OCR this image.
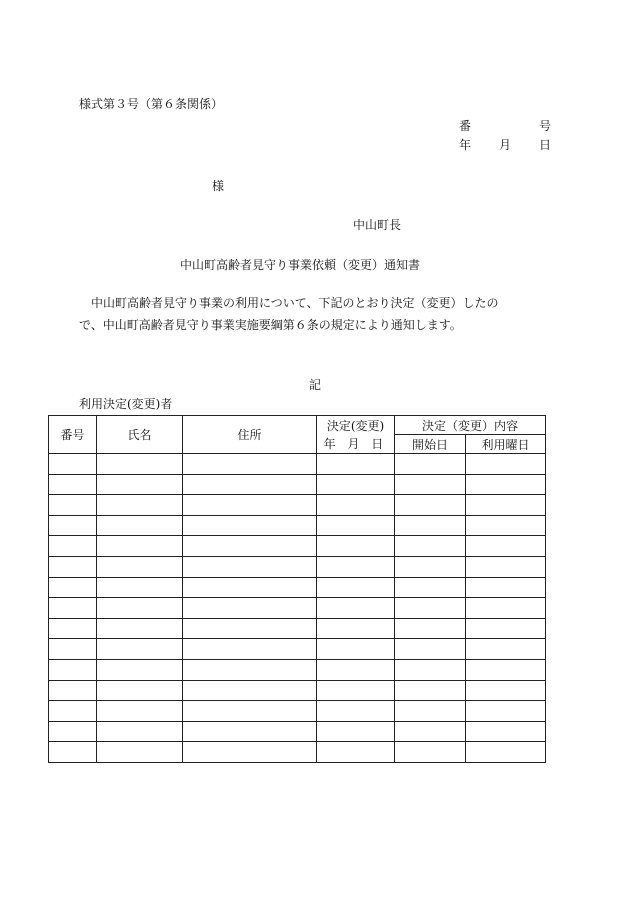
様式第３号（第６条関係）
番	号
年 月 日
様
中山町長
中山町高齢者見守り事業依頼（変更）通知書
中山町高齢者見守り事業の利用について、下記のとおり決定（変更）したの
で、中山町高齢者見守り事業実施要綱第６条の規定により通知します。
記
利用決定(変更)者
番号	氏名	住所	決定(変更)	決定（変更）内容	
			年 月 日	開始日	利用曜日
